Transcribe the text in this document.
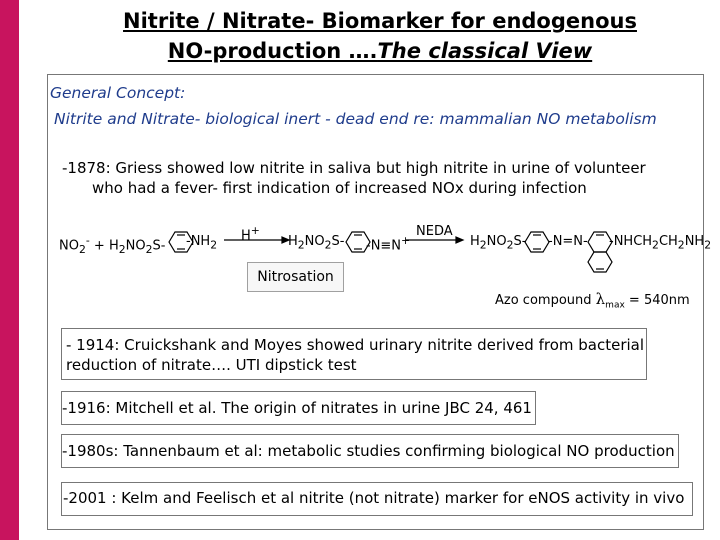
Nitrite / Nitrate- Biomarker for endogenous
NO-production ….The classical View
General Concept:
Nitrite and Nitrate- biological inert - dead end re: mammalian NO metabolism
-1878: Griess showed low nitrite in saliva but high nitrite in urine of volunteer
who had a fever- first indication of increased NOx during infection
$NO_2^- + H_2NO_2S-$ $-NH_2$
H+
$H_2NO_2S-$ -N≡N+
NEDA
$H_2NO_2S-$ -N=N- $-NHCH_2CH_2NH_2$
Nitrosation
Azo compound $\lambda_{max} = 540nm$
- 1914: Cruickshank and Moyes showed urinary nitrite derived from bacterial
reduction of nitrate…. UTI dipstick test
-1916: Mitchell et al. The origin of nitrates in urine JBC 24, 461
-1980s: Tannenbaum et al: metabolic studies confirming biological NO production
-2001 : Kelm and Feelisch et al nitrite (not nitrate) marker for eNOS activity in vivo
